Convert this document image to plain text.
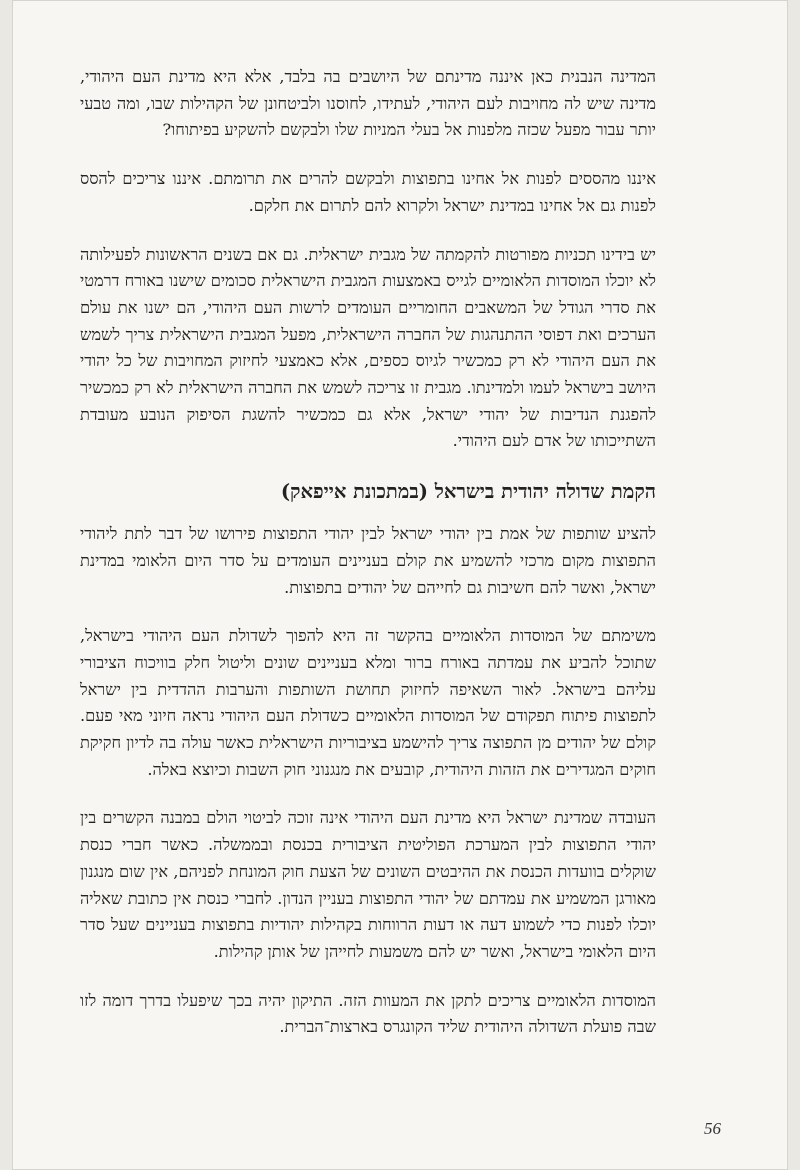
המדינה הנבנית כאן איננה מדינתם של היושבים בה בלבד, אלא היא מדינת העם היהודי, מדינה שיש לה מחויבות לעם היהודי, לעתידו, לחוסנו ולביטחונן של הקהילות שבו, ומה טבעי יותר עבור מפעל שכזה מלפנות אל בעלי המניות שלו ולבקשם להשקיע בפיתוחו?

איננו מהססים לפנות אל אחינו בתפוצות ולבקשם להרים את תרומתם. איננו צריכים להסס לפנות גם אל אחינו במדינת ישראל ולקרוא להם לתרום את חלקם.

יש בידינו תכניות מפורטות להקמתה של מגבית ישראלית. גם אם בשנים הראשונות לפעילותה לא יוכלו המוסדות הלאומיים לגייס באמצעות המגבית הישראלית סכומים שישנו באורח דרמטי את סדרי הגודל של המשאבים החומריים העומדים לרשות העם היהודי, הם ישנו את עולם הערכים ואת דפוסי ההתנהגות של החברה הישראלית, מפעל המגבית הישראלית צריך לשמש את העם היהודי לא רק כמכשיר לגיוס כספים, אלא כאמצעי לחיזוק המחויבות של כל יהודי היושב בישראל לעמו ולמדינתו. מגבית זו צריכה לשמש את החברה הישראלית לא רק כמכשיר להפגנת הנדיבות של יהודי ישראל, אלא גם כמכשיר להשגת הסיפוק הנובע מעובדת השתייכותו של אדם לעם היהודי.

הקמת שדולה יהודית בישראל (במתכונת אייפאק)

להציע שותפות של אמת בין יהודי ישראל לבין יהודי התפוצות פירושו של דבר לתת ליהודי התפוצות מקום מרכזי להשמיע את קולם בעניינים העומדים על סדר היום הלאומי במדינת ישראל, ואשר להם חשיבות גם לחייהם של יהודים בתפוצות.

משימתם של המוסדות הלאומיים בהקשר זה היא להפוך לשדולת העם היהודי בישראל, שתוכל להביע את עמדתה באורח ברור ומלא בעניינים שונים וליטול חלק בוויכוח הציבורי עליהם בישראל. לאור השאיפה לחיזוק תחושת השותפות והערבות ההדדית בין ישראל לתפוצות פיתוח תפקודם של המוסדות הלאומיים כשדולת העם היהודי נראה חיוני מאי פעם. קולם של יהודים מן התפוצה צריך להישמע בציבוריות הישראלית כאשר עולה בה לדיון חקיקת חוקים המגדירים את הזהות היהודית, קובעים את מנגנוני חוק השבות וכיוצא באלה.

העובדה שמדינת ישראל היא מדינת העם היהודי אינה זוכה לביטוי הולם במבנה הקשרים בין יהודי התפוצות לבין המערכת הפוליטית הציבורית בכנסת ובממשלה. כאשר חברי כנסת שוקלים בוועדות הכנסת את ההיבטים השונים של הצעת חוק המונחת לפניהם, אין שום מנגנון מאורגן המשמיע את עמדתם של יהודי התפוצות בעניין הנדון. לחברי כנסת אין כתובת שאליה יוכלו לפנות כדי לשמוע דעה או דעות הרווחות בקהילות יהודיות בתפוצות בעניינים שעל סדר היום הלאומי בישראל, ואשר יש להם משמעות לחייהן של אותן קהילות.

המוסדות הלאומיים צריכים לתקן את המעוות הזה. התיקון יהיה בכך שיפעלו בדרך דומה לזו שבה פועלת השדולה היהודית שליד הקונגרס בארצות־הברית.

56
